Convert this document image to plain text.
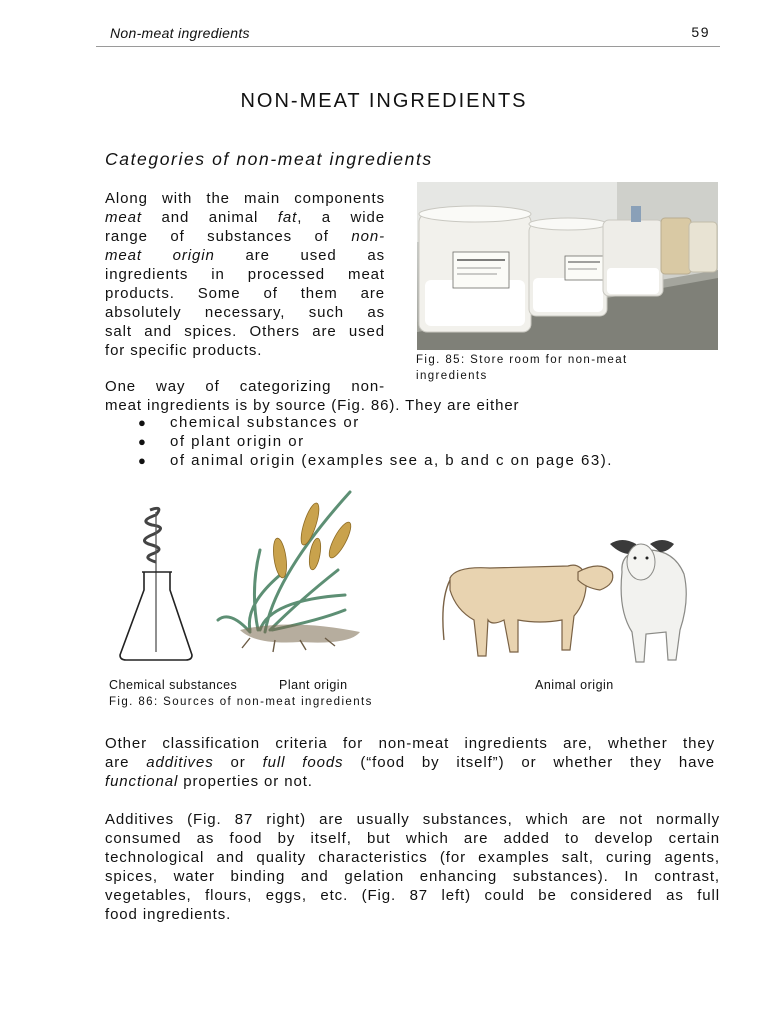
Non-meat ingredients	59
NON-MEAT INGREDIENTS
Categories of non-meat ingredients
Along with the main components
meat and animal fat, a wide
range of substances of non-
meat origin are used as
ingredients in processed meat
products. Some of them are
absolutely necessary, such as
salt and spices. Others are used
for specific products.
Fig. 85: Store room for non-meat
ingredients
One way of categorizing non-
meat ingredients is by source (Fig. 86). They are either
● chemical substances or
● of plant origin or
● of animal origin (examples see a, b and c on page 63).
Chemical substances	Plant origin	Animal origin
Fig. 86: Sources of non-meat ingredients
Other classification criteria for non-meat ingredients are, whether they
are additives or full foods (“food by itself”) or whether they have
functional properties or not.
Additives (Fig. 87 right) are usually substances, which are not normally
consumed as food by itself, but which are added to develop certain
technological and quality characteristics (for examples salt, curing agents,
spices, water binding and gelation enhancing substances). In contrast,
vegetables, flours, eggs, etc. (Fig. 87 left) could be considered as full
food ingredients.
